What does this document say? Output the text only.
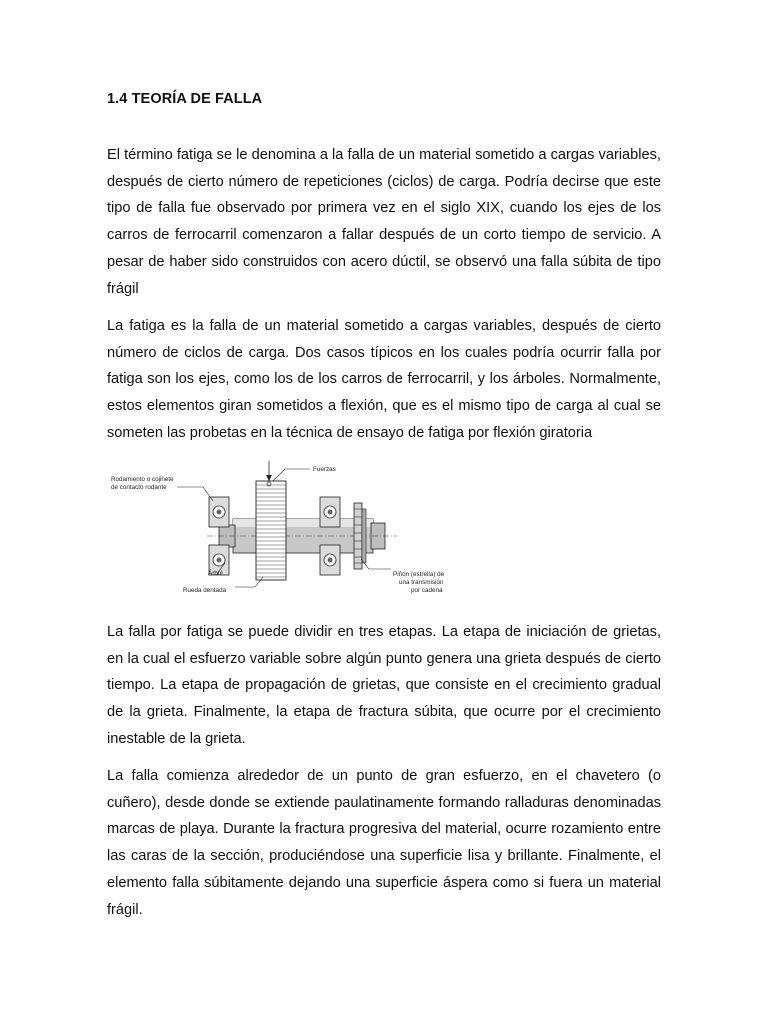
1.4 TEORÍA DE FALLA

El término fatiga se le denomina a la falla de un material sometido a cargas variables, después de cierto número de repeticiones (ciclos) de carga. Podría decirse que este tipo de falla fue observado por primera vez en el siglo XIX, cuando los ejes de los carros de ferrocarril comenzaron a fallar después de un corto tiempo de servicio. A pesar de haber sido construidos con acero dúctil, se observó una falla súbita de tipo frágil

La fatiga es la falla de un material sometido a cargas variables, después de cierto número de ciclos de carga. Dos casos típicos en los cuales podría ocurrir falla por fatiga son los ejes, como los de los carros de ferrocarril, y los árboles. Normalmente, estos elementos giran sometidos a flexión, que es el mismo tipo de carga al cual se someten las probetas en la técnica de ensayo de fatiga por flexión giratoria

Rodamiento o cojinete
de contacto rodante
Fuerzas
Árbol
Rueda dentada
Piñón (estrella) de
una transmisión
por cadena

La falla por fatiga se puede dividir en tres etapas. La etapa de iniciación de grietas, en la cual el esfuerzo variable sobre algún punto genera una grieta después de cierto tiempo. La etapa de propagación de grietas, que consiste en el crecimiento gradual de la grieta. Finalmente, la etapa de fractura súbita, que ocurre por el crecimiento inestable de la grieta.

La falla comienza alrededor de un punto de gran esfuerzo, en el chavetero (o cuñero), desde donde se extiende paulatinamente formando ralladuras denominadas marcas de playa. Durante la fractura progresiva del material, ocurre rozamiento entre las caras de la sección, produciéndose una superficie lisa y brillante. Finalmente, el elemento falla súbitamente dejando una superficie áspera como si fuera un material frágil.
